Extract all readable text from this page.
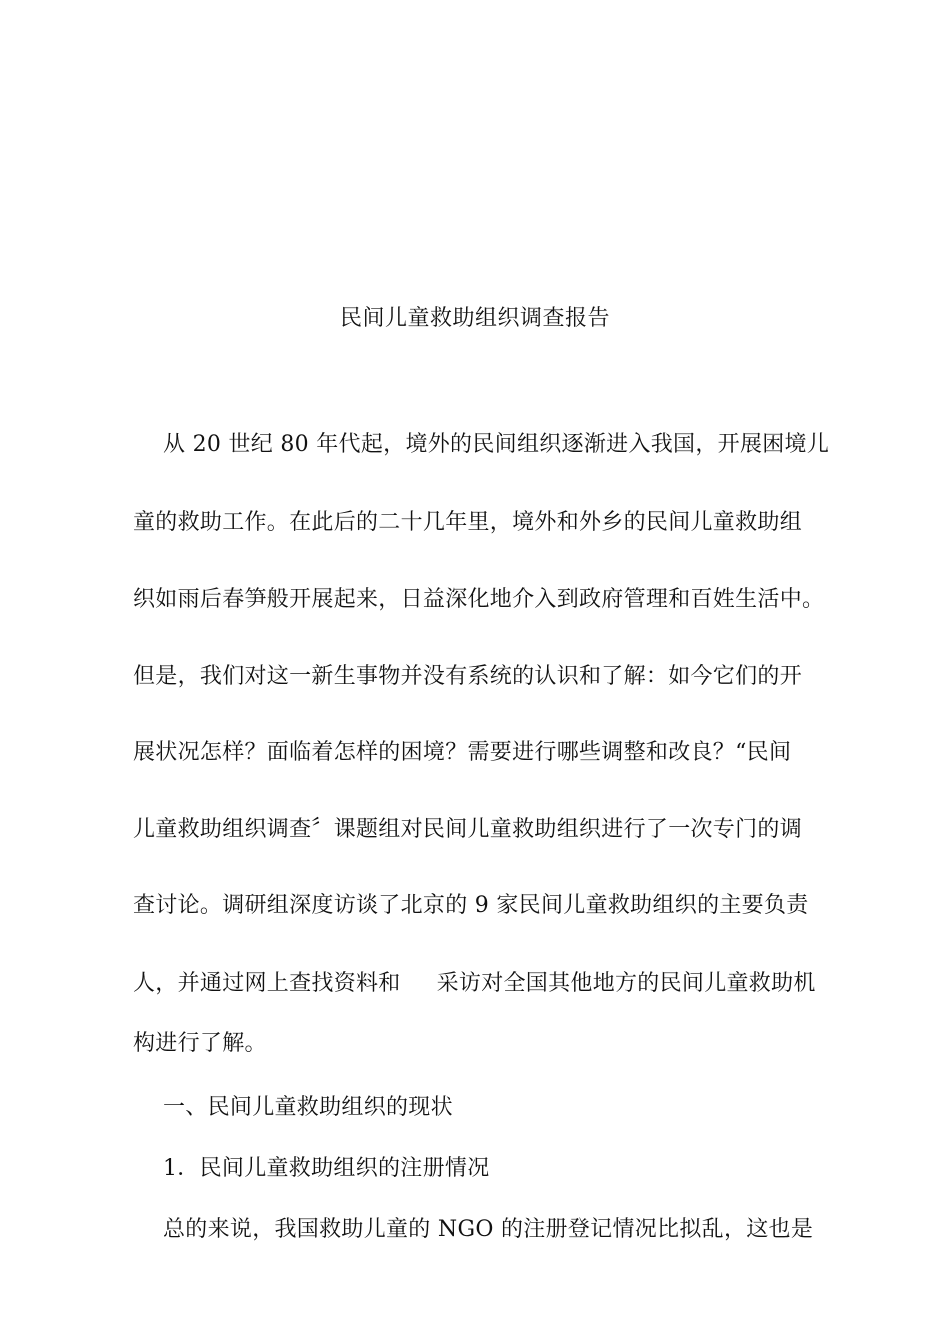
民间儿童救助组织调查报告
从 20 世纪 80 年代起，境外的民间组织逐渐进入我国，开展困境儿
童的救助工作。在此后的二十几年里，境外和外乡的民间儿童救助组
织如雨后春笋般开展起来，日益深化地介入到政府管理和百姓生活中。
但是，我们对这一新生事物并没有系统的认识和了解：如今它们的开
展状况怎样？面临着怎样的困境？需要进行哪些调整和改良？“民间
儿童救助组织调查〞课题组对民间儿童救助组织进行了一次专门的调
查讨论。调研组深度访谈了北京的 9 家民间儿童救助组织的主要负责
人，并通过网上查找资料和 采访对全国其他地方的民间儿童救助机
构进行了解。
一、民间儿童救助组织的现状
1．民间儿童救助组织的注册情况
总的来说，我国救助儿童的 NGO 的注册登记情况比拟乱，这也是
